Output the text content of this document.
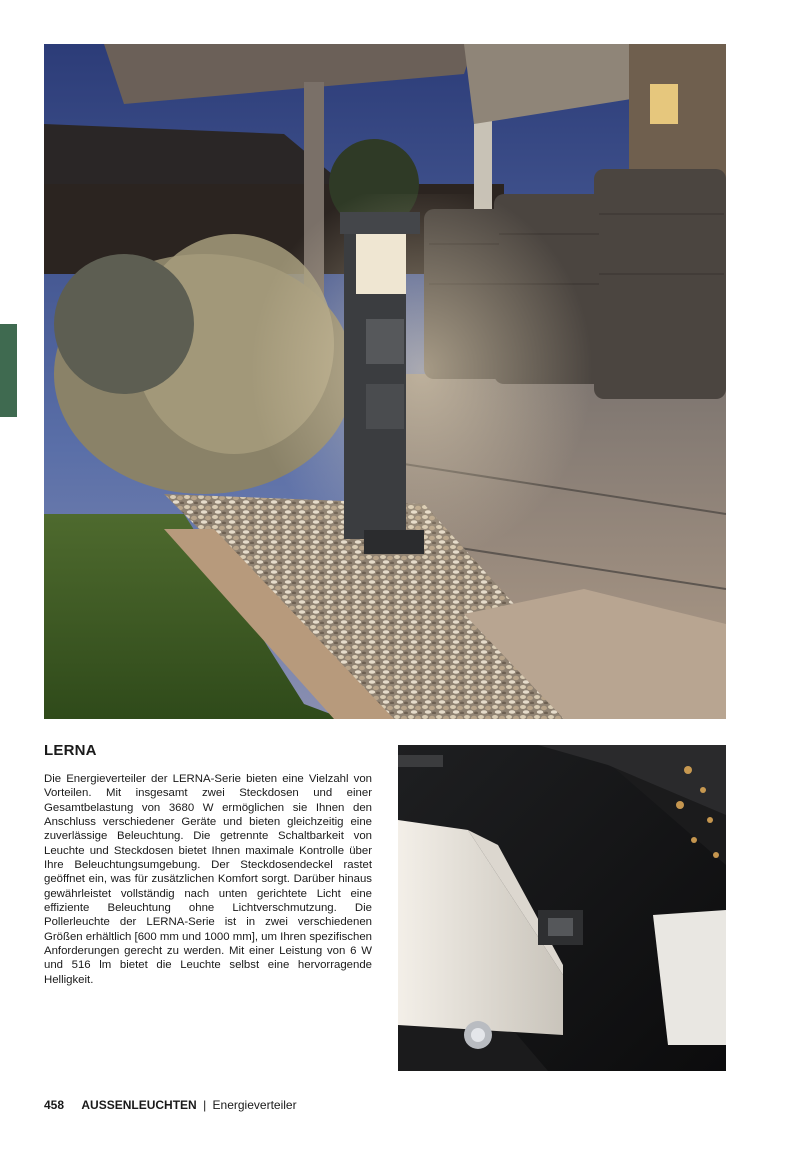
LERNA

Die Energieverteiler der LERNA-Serie bieten eine Vielzahl von Vorteilen. Mit insgesamt zwei Steckdosen und einer Gesamtbelastung von 3680 W ermöglichen sie Ihnen den Anschluss verschiedener Geräte und bieten gleichzeitig eine zuverlässige Beleuchtung. Die getrennte Schaltbarkeit von Leuchte und Steckdosen bietet Ihnen maximale Kontrolle über Ihre Beleuchtungsumgebung. Der Steckdosendeckel rastet geöffnet ein, was für zusätzlichen Komfort sorgt. Darüber hinaus gewährleistet vollständig nach unten gerichtete Licht eine effiziente Beleuchtung ohne Lichtverschmutzung. Die Pollerleuchte der LERNA-Serie ist in zwei verschiedenen Größen erhältlich [600 mm und 1000 mm], um Ihren spezifischen Anforderungen gerecht zu werden. Mit einer Leistung von 6 W und 516 lm bietet die Leuchte selbst eine hervorragende Helligkeit.

458 AUSSENLEUCHTEN | Energieverteiler
